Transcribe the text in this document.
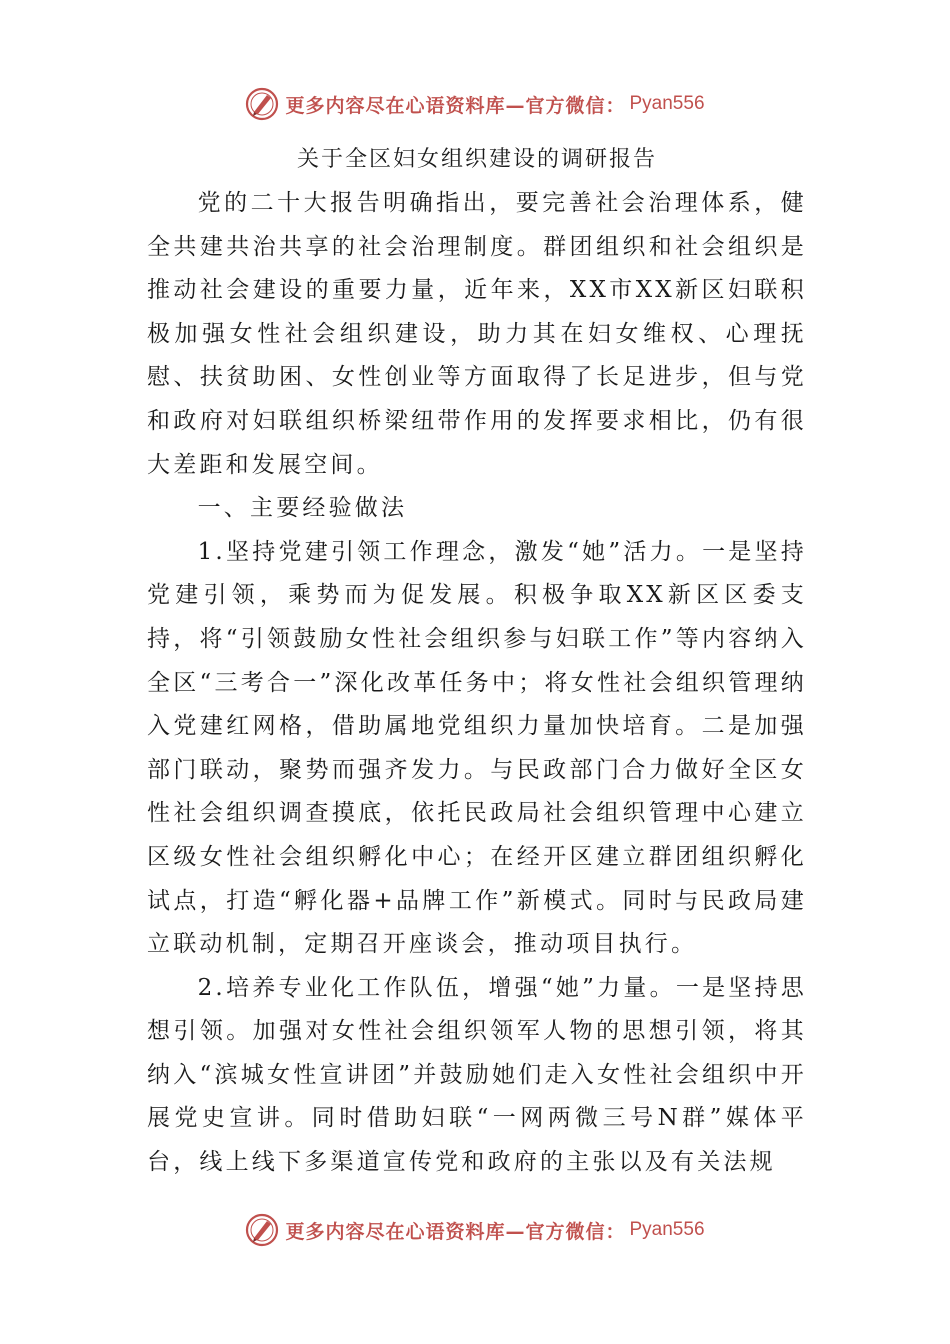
更多内容尽在心语资料库—官方微信： Pyan556
关于全区妇女组织建设的调研报告

党的二十大报告明确指出，要完善社会治理体系，健全共建共治共享的社会治理制度。群团组织和社会组织是推动社会建设的重要力量，近年来，XX市XX新区妇联积极加强女性社会组织建设，助力其在妇女维权、心理抚慰、扶贫助困、女性创业等方面取得了长足进步，但与党和政府对妇联组织桥梁纽带作用的发挥要求相比，仍有很大差距和发展空间。

一、主要经验做法

1.坚持党建引领工作理念，激发“她”活力。一是坚持党建引领，乘势而为促发展。积极争取XX新区区委支持，将“引领鼓励女性社会组织参与妇联工作”等内容纳入全区“三考合一”深化改革任务中；将女性社会组织管理纳入党建红网格，借助属地党组织力量加快培育。二是加强部门联动，聚势而强齐发力。与民政部门合力做好全区女性社会组织调查摸底，依托民政局社会组织管理中心建立区级女性社会组织孵化中心；在经开区建立群团组织孵化试点，打造“孵化器+品牌工作”新模式。同时与民政局建立联动机制，定期召开座谈会，推动项目执行。

2.培养专业化工作队伍，增强“她”力量。一是坚持思想引领。加强对女性社会组织领军人物的思想引领，将其纳入“滨城女性宣讲团”并鼓励她们走入女性社会组织中开展党史宣讲。同时借助妇联“一网两微三号N群”媒体平台，线上线下多渠道宣传党和政府的主张以及有关法规

更多内容尽在心语资料库—官方微信： Pyan556
